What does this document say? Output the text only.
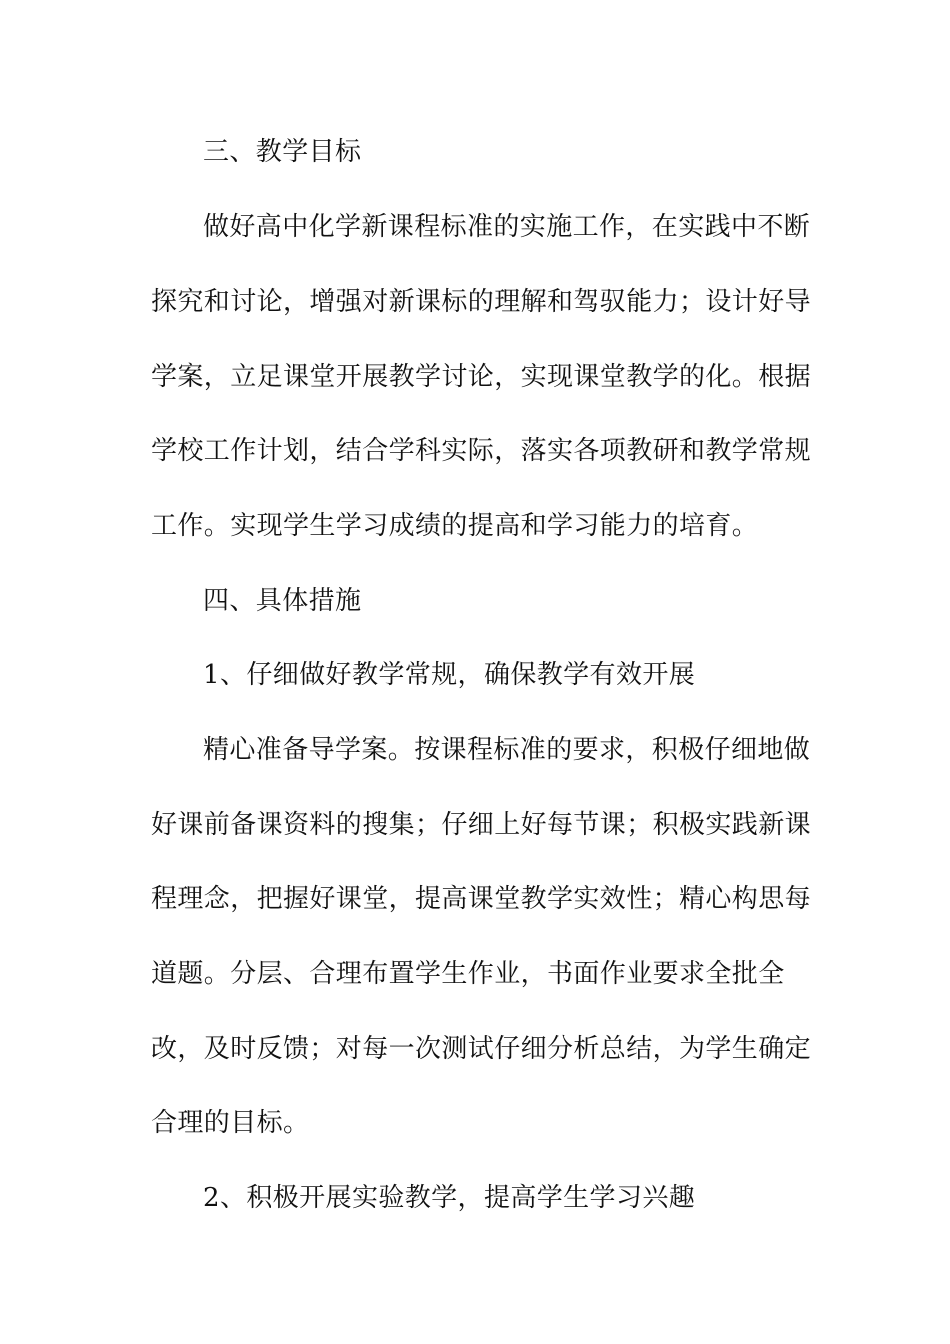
三、教学目标
做好高中化学新课程标准的实施工作，在实践中不断
探究和讨论，增强对新课标的理解和驾驭能力；设计好导
学案，立足课堂开展教学讨论，实现课堂教学的化。根据
学校工作计划，结合学科实际，落实各项教研和教学常规
工作。实现学生学习成绩的提高和学习能力的培育。
四、具体措施
1、仔细做好教学常规，确保教学有效开展
精心准备导学案。按课程标准的要求，积极仔细地做
好课前备课资料的搜集；仔细上好每节课；积极实践新课
程理念，把握好课堂，提高课堂教学实效性；精心构思每
道题。分层、合理布置学生作业，书面作业要求全批全
改，及时反馈；对每一次测试仔细分析总结，为学生确定
合理的目标。
2、积极开展实验教学，提高学生学习兴趣
